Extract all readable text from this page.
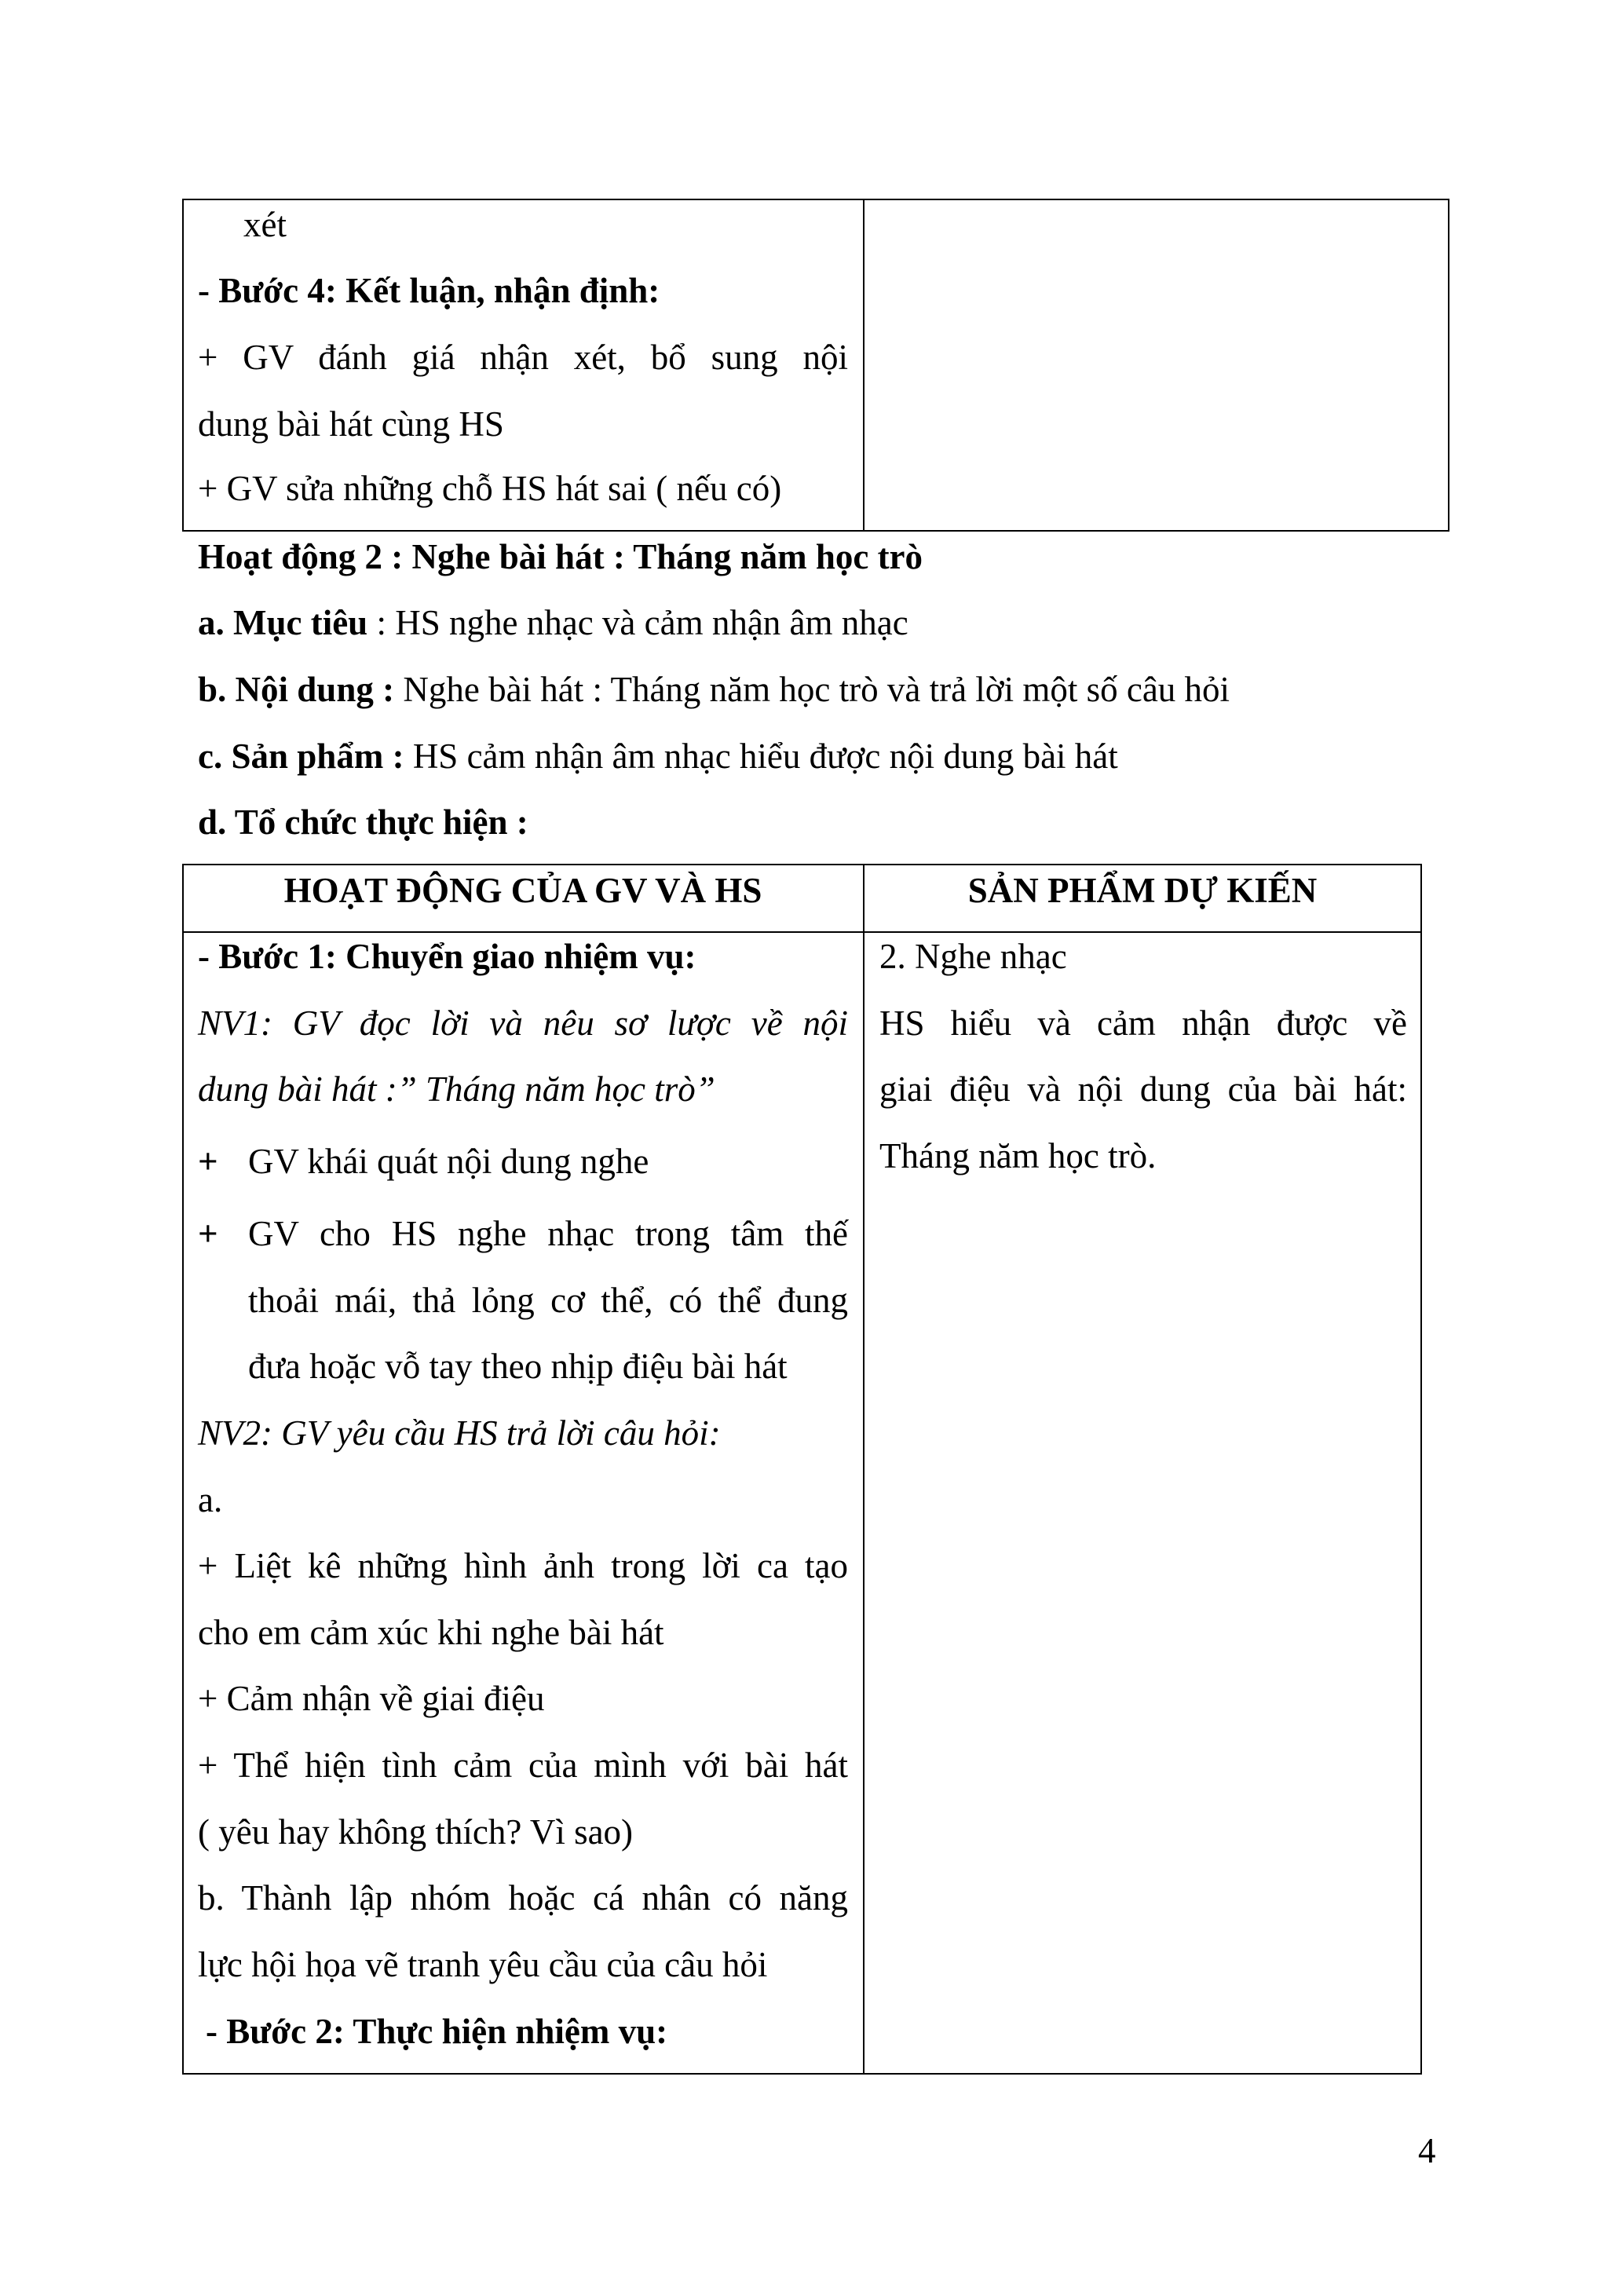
xét
- Bước 4: Kết luận, nhận định:
+ GV đánh giá nhận xét, bổ sung nội
dung bài hát cùng HS
+ GV sửa những chỗ HS hát sai ( nếu có)
Hoạt động 2 : Nghe bài hát : Tháng năm học trò
a. Mục tiêu : HS nghe nhạc và cảm nhận âm nhạc
b. Nội dung : Nghe bài hát : Tháng năm học trò và trả lời một số câu hỏi
c. Sản phẩm : HS cảm nhận âm nhạc hiểu được nội dung bài hát
d. Tổ chức thực hiện :
HOẠT ĐỘNG CỦA GV VÀ HS	SẢN PHẨM DỰ KIẾN
- Bước 1: Chuyển giao nhiệm vụ:
NV1: GV đọc lời và nêu sơ lược về nội
dung bài hát :” Tháng năm học trò”
+ GV khái quát nội dung nghe
+ GV cho HS nghe nhạc trong tâm thế
thoải mái, thả lỏng cơ thể, có thể đung
đưa hoặc vỗ tay theo nhịp điệu bài hát
NV2: GV yêu cầu HS trả lời câu hỏi:
a.
+ Liệt kê những hình ảnh trong lời ca tạo
cho em cảm xúc khi nghe bài hát
+ Cảm nhận về giai điệu
+ Thể hiện tình cảm của mình với bài hát
( yêu hay không thích? Vì sao)
b. Thành lập nhóm hoặc cá nhân có năng
lực hội họa vẽ tranh yêu cầu của câu hỏi
- Bước 2: Thực hiện nhiệm vụ:
2. Nghe nhạc
HS hiểu và cảm nhận được về
giai điệu và nội dung của bài hát:
Tháng năm học trò.
4
